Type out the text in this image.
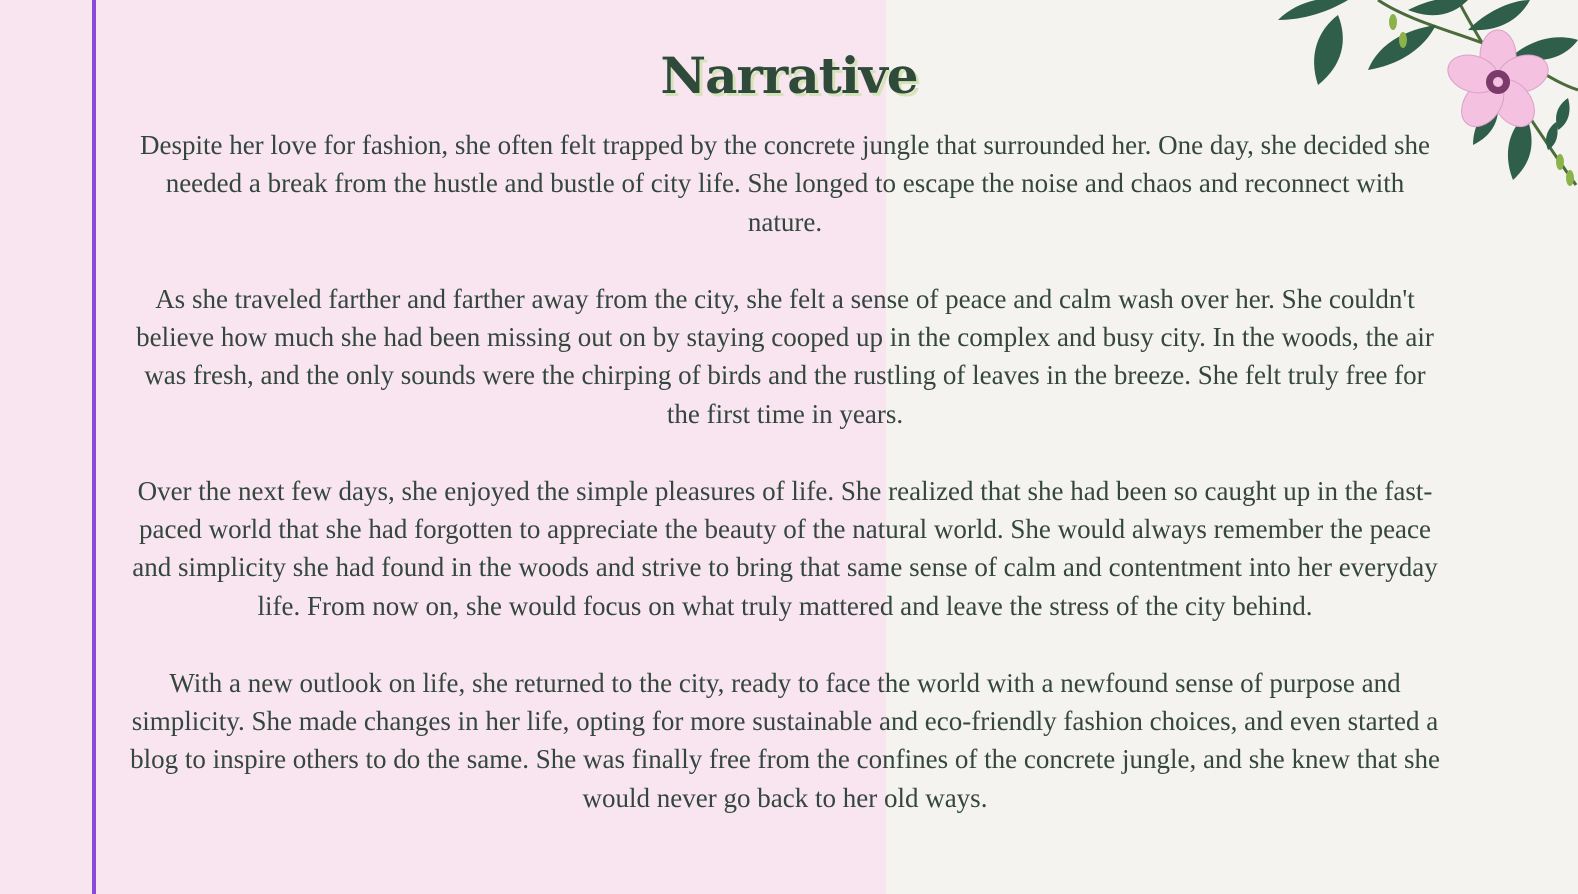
Narrative

Despite her love for fashion, she often felt trapped by the concrete jungle that surrounded her. One day, she decided she needed a break from the hustle and bustle of city life. She longed to escape the noise and chaos and reconnect with nature.

As she traveled farther and farther away from the city, she felt a sense of peace and calm wash over her. She couldn't believe how much she had been missing out on by staying cooped up in the complex and busy city. In the woods, the air was fresh, and the only sounds were the chirping of birds and the rustling of leaves in the breeze. She felt truly free for the first time in years.

Over the next few days, she enjoyed the simple pleasures of life. She realized that she had been so caught up in the fast-paced world that she had forgotten to appreciate the beauty of the natural world. She would always remember the peace and simplicity she had found in the woods and strive to bring that same sense of calm and contentment into her everyday life. From now on, she would focus on what truly mattered and leave the stress of the city behind.

With a new outlook on life, she returned to the city, ready to face the world with a newfound sense of purpose and simplicity. She made changes in her life, opting for more sustainable and eco-friendly fashion choices, and even started a blog to inspire others to do the same. She was finally free from the confines of the concrete jungle, and she knew that she would never go back to her old ways.
